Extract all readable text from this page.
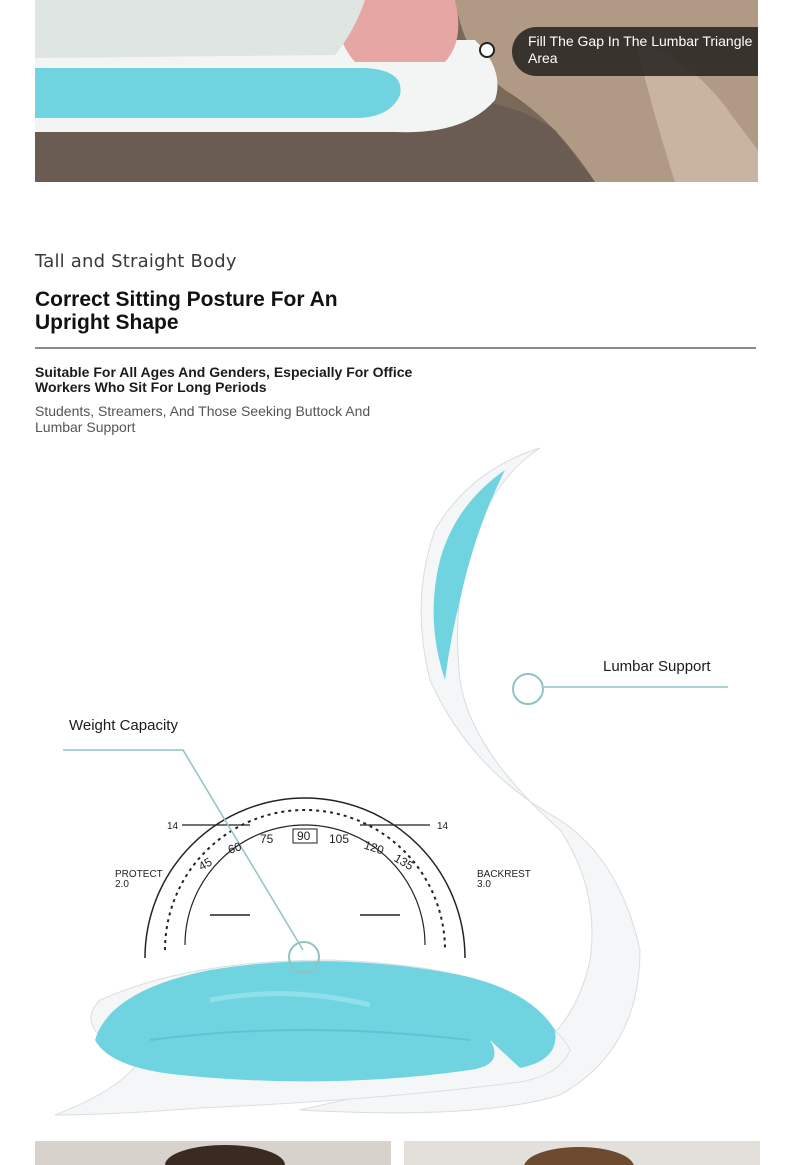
Fill The Gap In The Lumbar Triangle Area
Tall and Straight Body
Correct Sitting Posture For An Upright Shape
Suitable For All Ages And Genders, Especially For Office Workers Who Sit For Long Periods
Students, Streamers, And Those Seeking Buttock And Lumbar Support
PROTECT
2.0
BACKREST
3.0
14	14
45
60
75 90 105 120
135
Weight Capacity
Lumbar Support
